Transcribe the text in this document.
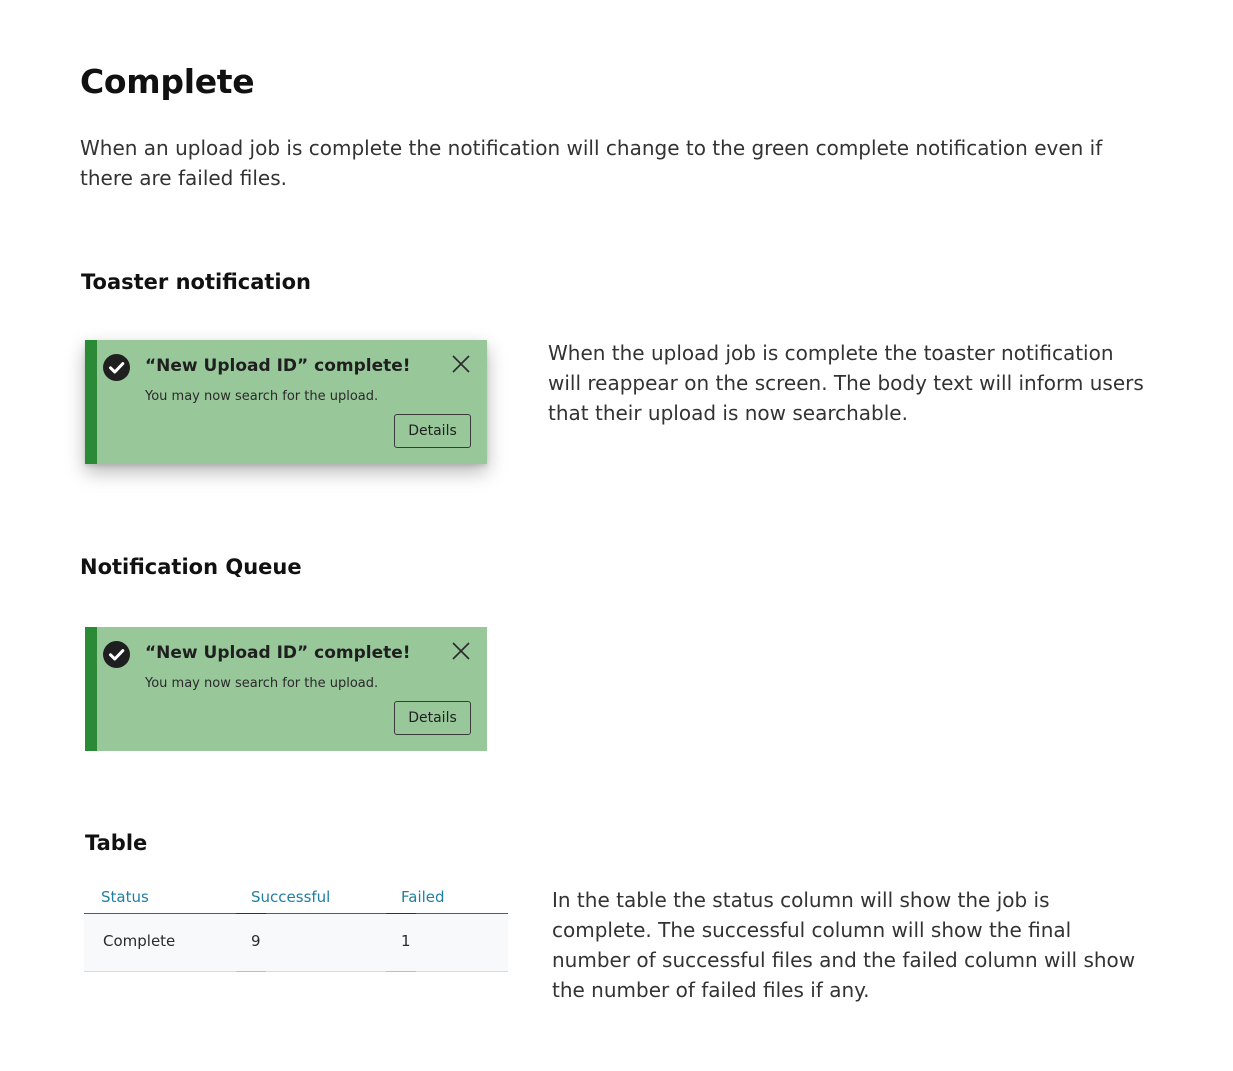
Complete

When an upload job is complete the notification will change to the green complete notification even if there are failed files.

Toaster notification
“New Upload ID” complete!
You may now search for the upload.
Details

When the upload job is complete the toaster notification will reappear on the screen. The body text will inform users that their upload is now searchable.

Notification Queue
“New Upload ID” complete!
You may now search for the upload.
Details
Table
Status	Successful	Failed
Complete	9	1

In the table the status column will show the job is complete. The successful column will show the final number of successful files and the failed column will show the number of failed files if any.
